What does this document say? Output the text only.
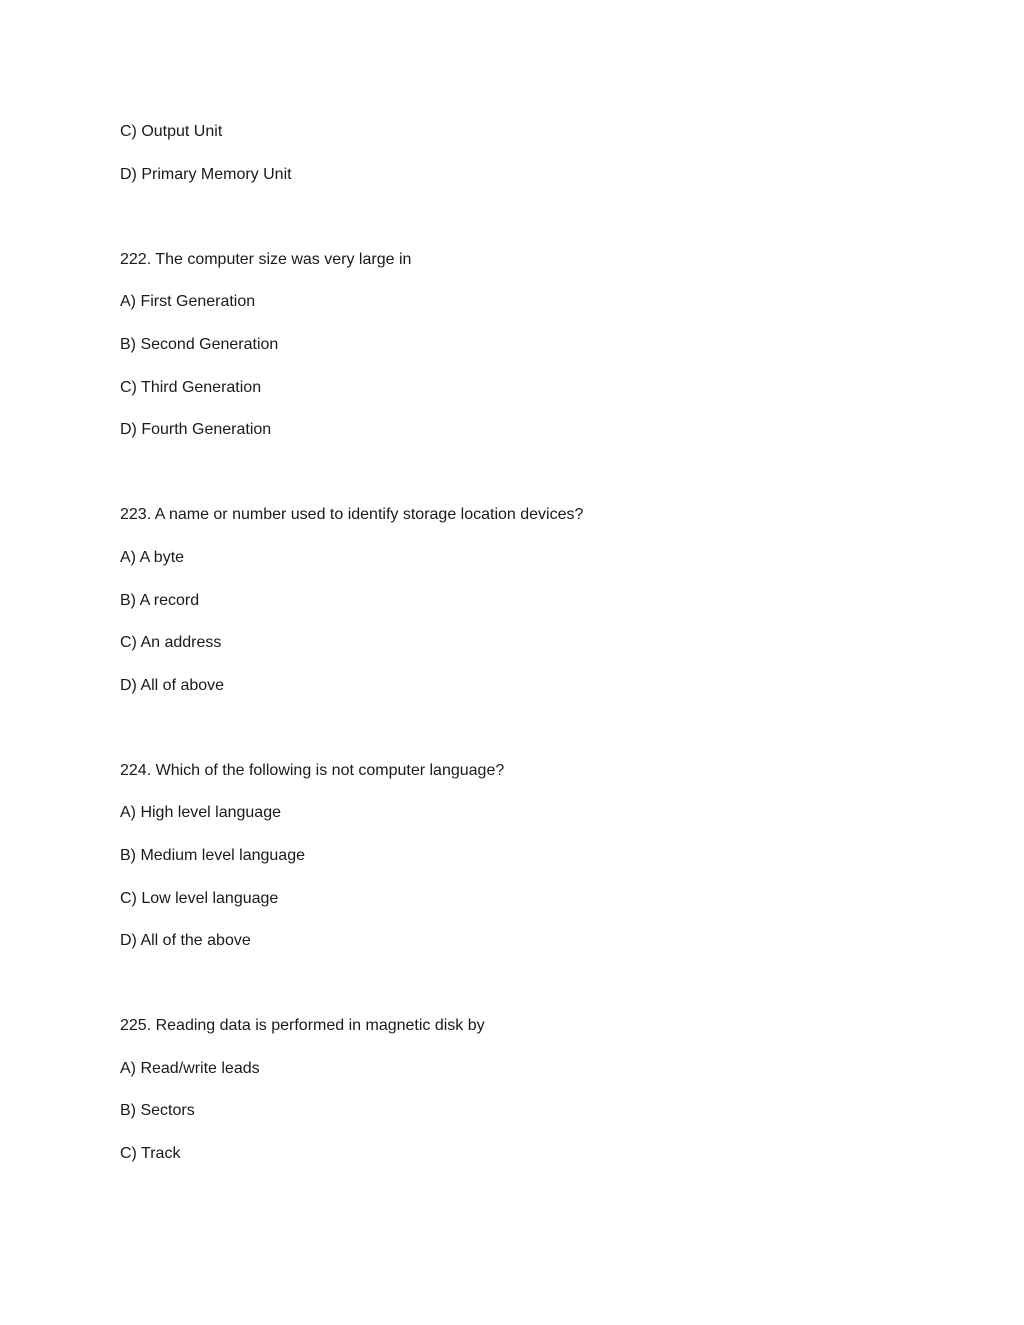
C) Output Unit
D) Primary Memory Unit
222. The computer size was very large in
A) First Generation
B) Second Generation
C) Third Generation
D) Fourth Generation
223. A name or number used to identify storage location devices?
A) A byte
B) A record
C) An address
D) All of above
224. Which of the following is not computer language?
A) High level language
B) Medium level language
C) Low level language
D) All of the above
225. Reading data is performed in magnetic disk by
A) Read/write leads
B) Sectors
C) Track
